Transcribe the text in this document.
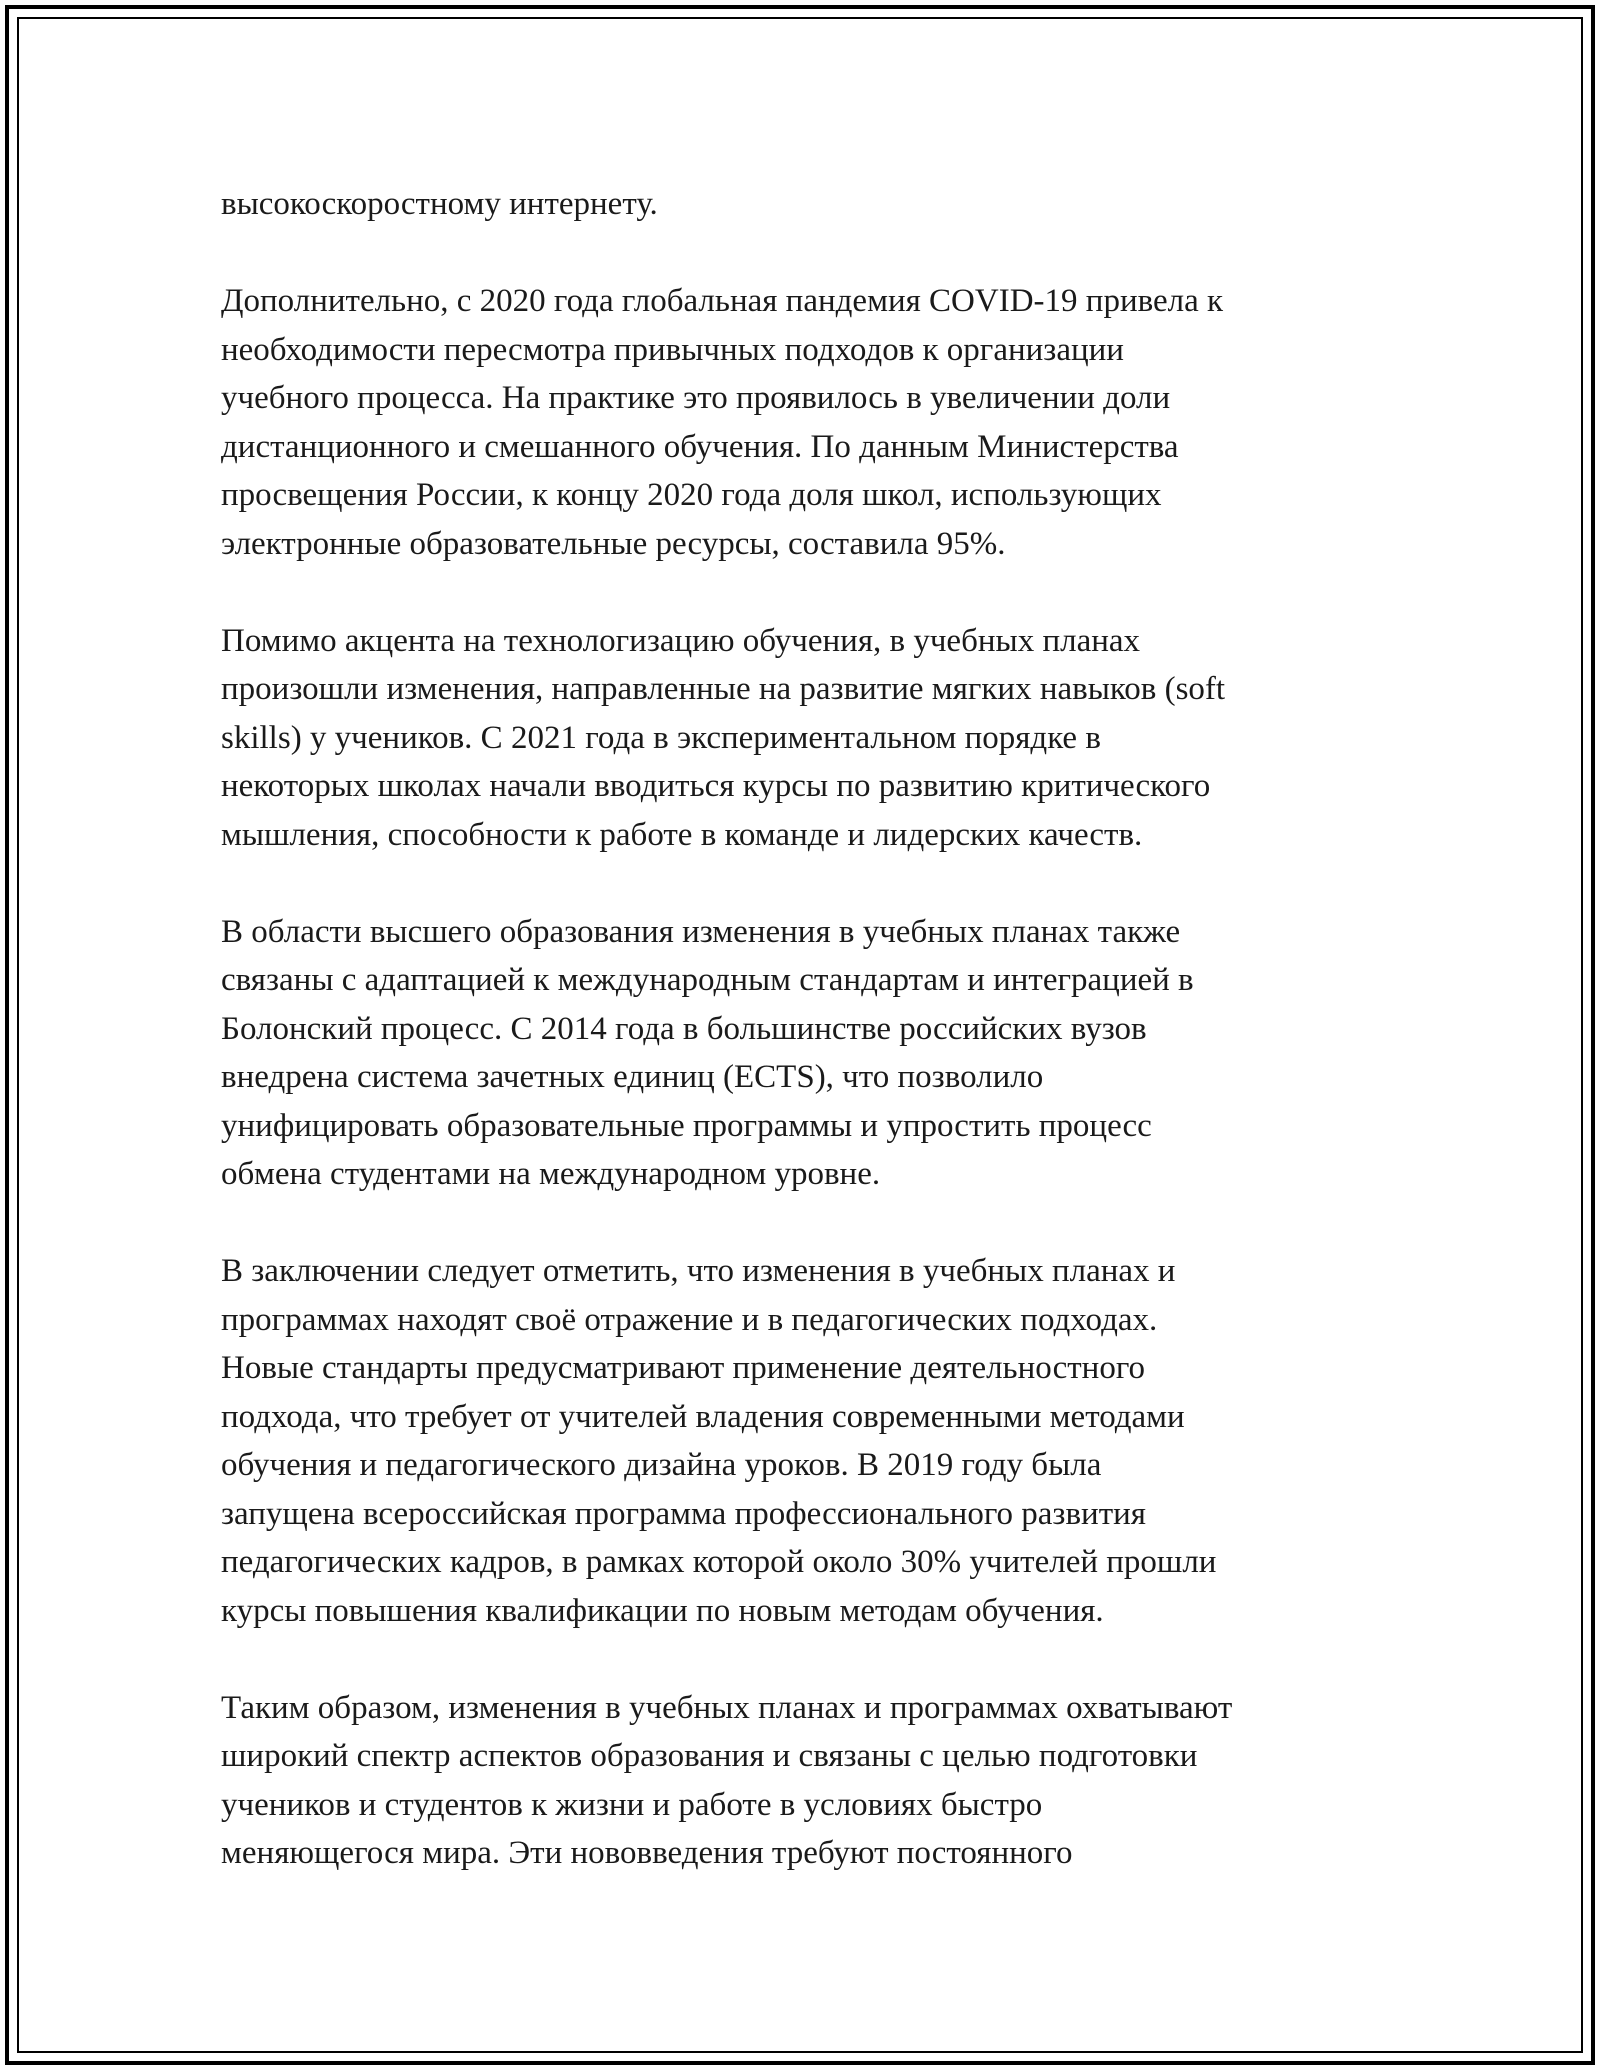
высокоскоростному интернету.

Дополнительно, с 2020 года глобальная пандемия COVID-19 привела к
необходимости пересмотра привычных подходов к организации
учебного процесса. На практике это проявилось в увеличении доли
дистанционного и смешанного обучения. По данным Министерства
просвещения России, к концу 2020 года доля школ, использующих
электронные образовательные ресурсы, составила 95%.

Помимо акцента на технологизацию обучения, в учебных планах
произошли изменения, направленные на развитие мягких навыков (soft
skills) у учеников. С 2021 года в экспериментальном порядке в
некоторых школах начали вводиться курсы по развитию критического
мышления, способности к работе в команде и лидерских качеств.

В области высшего образования изменения в учебных планах также
связаны с адаптацией к международным стандартам и интеграцией в
Болонский процесс. С 2014 года в большинстве российских вузов
внедрена система зачетных единиц (ECTS), что позволило
унифицировать образовательные программы и упростить процесс
обмена студентами на международном уровне.

В заключении следует отметить, что изменения в учебных планах и
программах находят своё отражение и в педагогических подходах.
Новые стандарты предусматривают применение деятельностного
подхода, что требует от учителей владения современными методами
обучения и педагогического дизайна уроков. В 2019 году была
запущена всероссийская программа профессионального развития
педагогических кадров, в рамках которой около 30% учителей прошли
курсы повышения квалификации по новым методам обучения.

Таким образом, изменения в учебных планах и программах охватывают
широкий спектр аспектов образования и связаны с целью подготовки
учеников и студентов к жизни и работе в условиях быстро
меняющегося мира. Эти нововведения требуют постоянного
